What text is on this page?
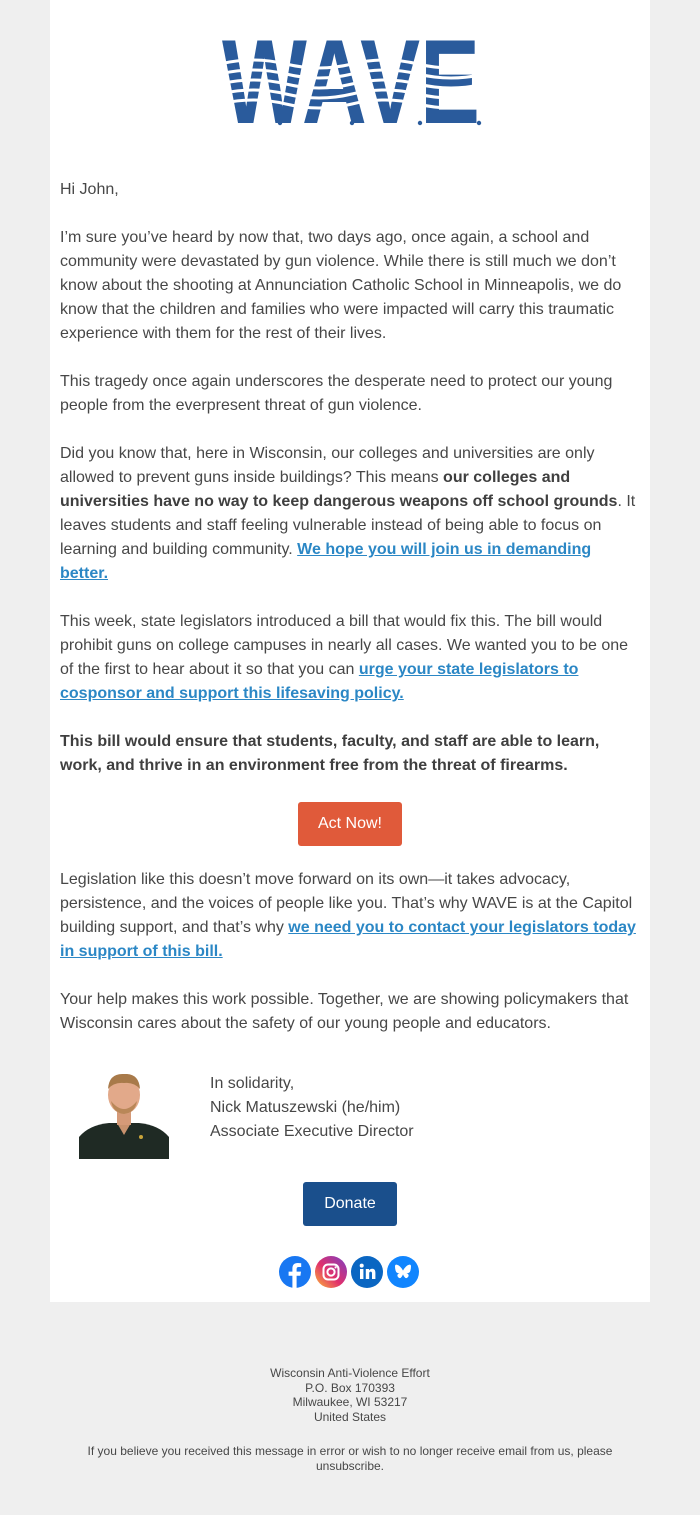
Hi John,

I’m sure you’ve heard by now that, two days ago, once again, a school and community were devastated by gun violence. While there is still much we don’t know about the shooting at Annunciation Catholic School in Minneapolis, we do know that the children and families who were impacted will carry this traumatic experience with them for the rest of their lives.

This tragedy once again underscores the desperate need to protect our young people from the everpresent threat of gun violence.

Did you know that, here in Wisconsin, our colleges and universities are only allowed to prevent guns inside buildings? This means our colleges and universities have no way to keep dangerous weapons off school grounds. It leaves students and staff feeling vulnerable instead of being able to focus on learning and building community. We hope you will join us in demanding better.

This week, state legislators introduced a bill that would fix this. The bill would prohibit guns on college campuses in nearly all cases. We wanted you to be one of the first to hear about it so that you can urge your state legislators to cosponsor and support this lifesaving policy.

This bill would ensure that students, faculty, and staff are able to learn, work, and thrive in an environment free from the threat of firearms.

Act Now!

Legislation like this doesn’t move forward on its own—it takes advocacy, persistence, and the voices of people like you. That’s why WAVE is at the Capitol building support, and that’s why we need you to contact your legislators today in support of this bill.

Your help makes this work possible. Together, we are showing policymakers that Wisconsin cares about the safety of our young people and educators.

In solidarity,
Nick Matuszewski (he/him)
Associate Executive Director
Donate
Wisconsin Anti-Violence Effort
P.O. Box 170393
Milwaukee, WI 53217
United States
If you believe you received this message in error or wish to no longer receive email from us, please unsubscribe.
